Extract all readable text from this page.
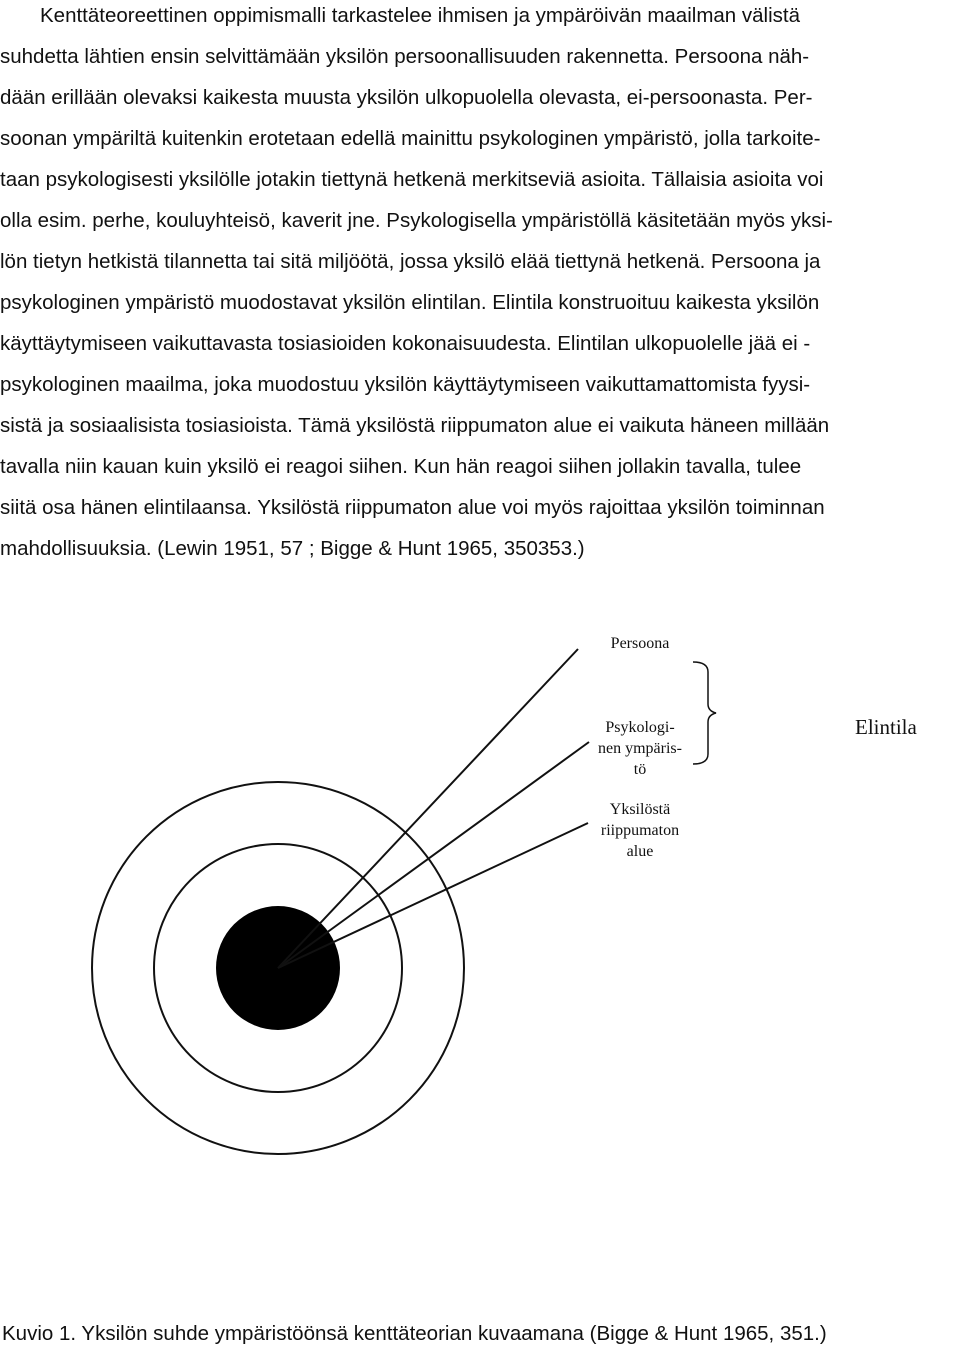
Kenttäteoreettinen oppimismalli tarkastelee ihmisen ja ympäröivän maailman välistä
suhdetta lähtien ensin selvittämään yksilön persoonallisuuden rakennetta. Persoona näh-
dään erillään olevaksi kaikesta muusta yksilön ulkopuolella olevasta, ei-persoonasta. Per-
soonan ympäriltä kuitenkin erotetaan edellä mainittu psykologinen ympäristö, jolla tarkoite-
taan psykologisesti yksilölle jotakin tiettynä hetkenä merkitseviä asioita. Tällaisia asioita voi
olla esim. perhe, kouluyhteisö, kaverit jne. Psykologisella ympäristöllä käsitetään myös yksi-
lön tietyn hetkistä tilannetta tai sitä miljöötä, jossa yksilö elää tiettynä hetkenä. Persoona ja
psykologinen ympäristö muodostavat yksilön elintilan. Elintila konstruoituu kaikesta yksilön
käyttäytymiseen vaikuttavasta tosiasioiden kokonaisuudesta. Elintilan ulkopuolelle jää ei -
psykologinen maailma, joka muodostuu yksilön käyttäytymiseen vaikuttamattomista fyysi-
sistä ja sosiaalisista tosiasioista. Tämä yksilöstä riippumaton alue ei vaikuta häneen millään
tavalla niin kauan kuin yksilö ei reagoi siihen. Kun hän reagoi siihen jollakin tavalla, tulee
siitä osa hänen elintilaansa. Yksilöstä riippumaton alue voi myös rajoittaa yksilön toiminnan
mahdollisuuksia. (Lewin 1951, 57 ; Bigge & Hunt 1965, 350353.)
Persoona
Psykologi-
nen ympäris-
tö
Yksilöstä
riippumaton
alue
Elintila
Kuvio 1. Yksilön suhde ympäristöönsä kenttäteorian kuvaamana (Bigge & Hunt 1965, 351.)
